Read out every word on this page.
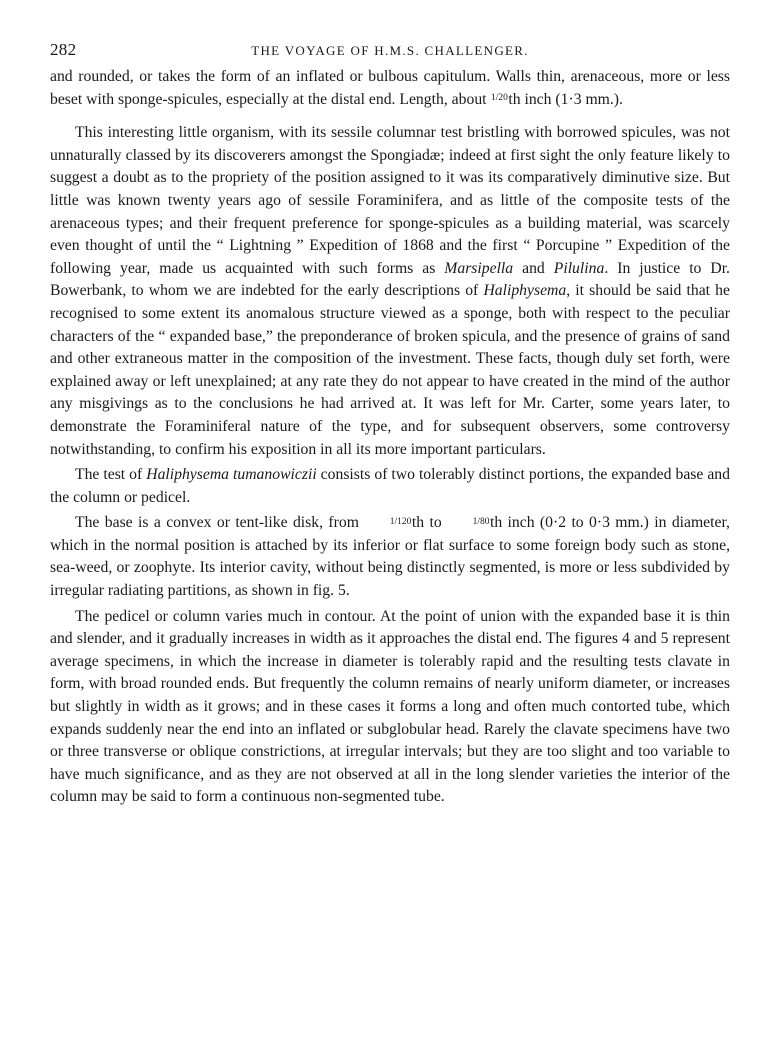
282	THE VOYAGE OF H.M.S. CHALLENGER.

and rounded, or takes the form of an inflated or bulbous capitulum. Walls thin, arenaceous, more or less beset with sponge-spicules, especially at the distal end. Length, about 1/20th inch (1·3 mm.).

This interesting little organism, with its sessile columnar test bristling with borrowed spicules, was not unnaturally classed by its discoverers amongst the Spongiadæ; indeed at first sight the only feature likely to suggest a doubt as to the propriety of the position assigned to it was its comparatively diminutive size. But little was known twenty years ago of sessile Foraminifera, and as little of the composite tests of the arenaceous types; and their frequent preference for sponge-spicules as a building material, was scarcely even thought of until the “ Lightning ” Expedition of 1868 and the first “ Porcupine ” Expedition of the following year, made us acquainted with such forms as Marsipella and Pilulina. In justice to Dr. Bowerbank, to whom we are indebted for the early descriptions of Haliphysema, it should be said that he recognised to some extent its anomalous structure viewed as a sponge, both with respect to the peculiar characters of the “ expanded base,” the preponderance of broken spicula, and the presence of grains of sand and other extraneous matter in the composition of the investment. These facts, though duly set forth, were explained away or left unexplained; at any rate they do not appear to have created in the mind of the author any misgivings as to the conclusions he had arrived at. It was left for Mr. Carter, some years later, to demonstrate the Foraminiferal nature of the type, and for subsequent observers, some controversy notwithstanding, to confirm his exposition in all its more important particulars.

The test of Haliphysema tumanowiczii consists of two tolerably distinct portions, the expanded base and the column or pedicel.

The base is a convex or tent-like disk, from	1/120th to	1/80th inch (0·2 to 0·3 mm.) in diameter, which in the normal position is attached by its inferior or flat surface to some foreign body such as stone, sea-weed, or zoophyte. Its interior cavity, without being distinctly segmented, is more or less subdivided by irregular radiating partitions, as shown in fig. 5.

The pedicel or column varies much in contour. At the point of union with the expanded base it is thin and slender, and it gradually increases in width as it approaches the distal end. The figures 4 and 5 represent average specimens, in which the increase in diameter is tolerably rapid and the resulting tests clavate in form, with broad rounded ends. But frequently the column remains of nearly uniform diameter, or increases but slightly in width as it grows; and in these cases it forms a long and often much contorted tube, which expands suddenly near the end into an inflated or subglobular head. Rarely the clavate specimens have two or three transverse or oblique constrictions, at irregular intervals; but they are too slight and too variable to have much significance, and as they are not observed at all in the long slender varieties the interior of the column may be said to form a continuous non-segmented tube.
